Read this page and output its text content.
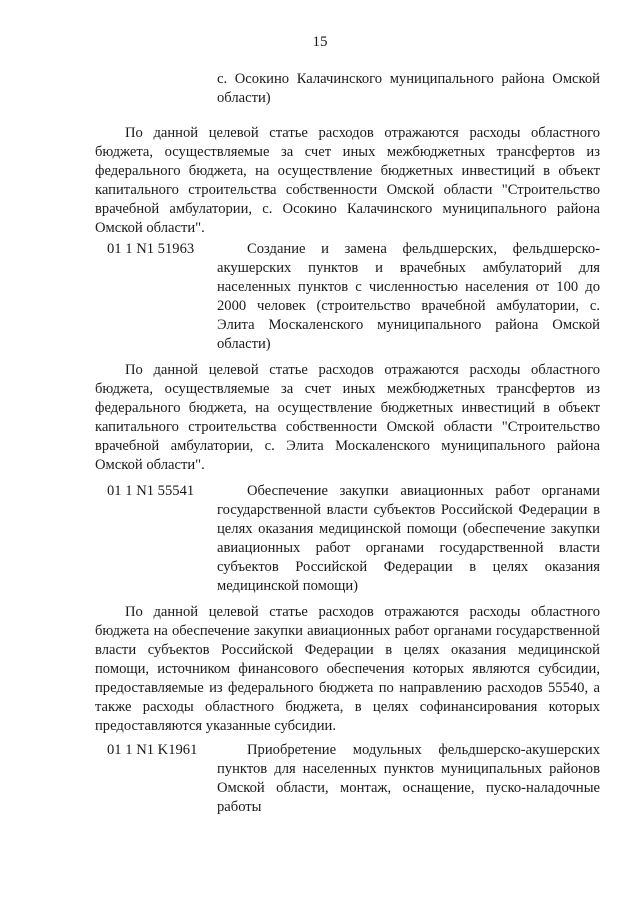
15
с. Осокино Калачинского муниципального района Омской области)
По данной целевой статье расходов отражаются расходы областного бюджета, осуществляемые за счет иных межбюджетных трансфертов из федерального бюджета, на осуществление бюджетных инвестиций в объект капитального строительства собственности Омской области "Строительство врачебной амбулатории, с. Осокино Калачинского муниципального района Омской области".
01 1 N1 51963	Создание и замена фельдшерских, фельдшерско-акушерских пунктов и врачебных амбулаторий для населенных пунктов с численностью населения от 100 до 2000 человек (строительство врачебной амбулатории, с. Элита Москаленского муниципального района Омской области)
По данной целевой статье расходов отражаются расходы областного бюджета, осуществляемые за счет иных межбюджетных трансфертов из федерального бюджета, на осуществление бюджетных инвестиций в объект капитального строительства собственности Омской области "Строительство врачебной амбулатории, с. Элита Москаленского муниципального района Омской области".
01 1 N1 55541	Обеспечение закупки авиационных работ органами государственной власти субъектов Российской Федерации в целях оказания медицинской помощи (обеспечение закупки авиационных работ органами государственной власти субъектов Российской Федерации в целях оказания медицинской помощи)
По данной целевой статье расходов отражаются расходы областного бюджета на обеспечение закупки авиационных работ органами государственной власти субъектов Российской Федерации в целях оказания медицинской помощи, источником финансового обеспечения которых являются субсидии, предоставляемые из федерального бюджета по направлению расходов 55540, а также расходы областного бюджета, в целях софинансирования которых предоставляются указанные субсидии.
01 1 N1 K1961	Приобретение модульных фельдшерско-акушерских пунктов для населенных пунктов муниципальных районов Омской области, монтаж, оснащение, пуско-наладочные работы
